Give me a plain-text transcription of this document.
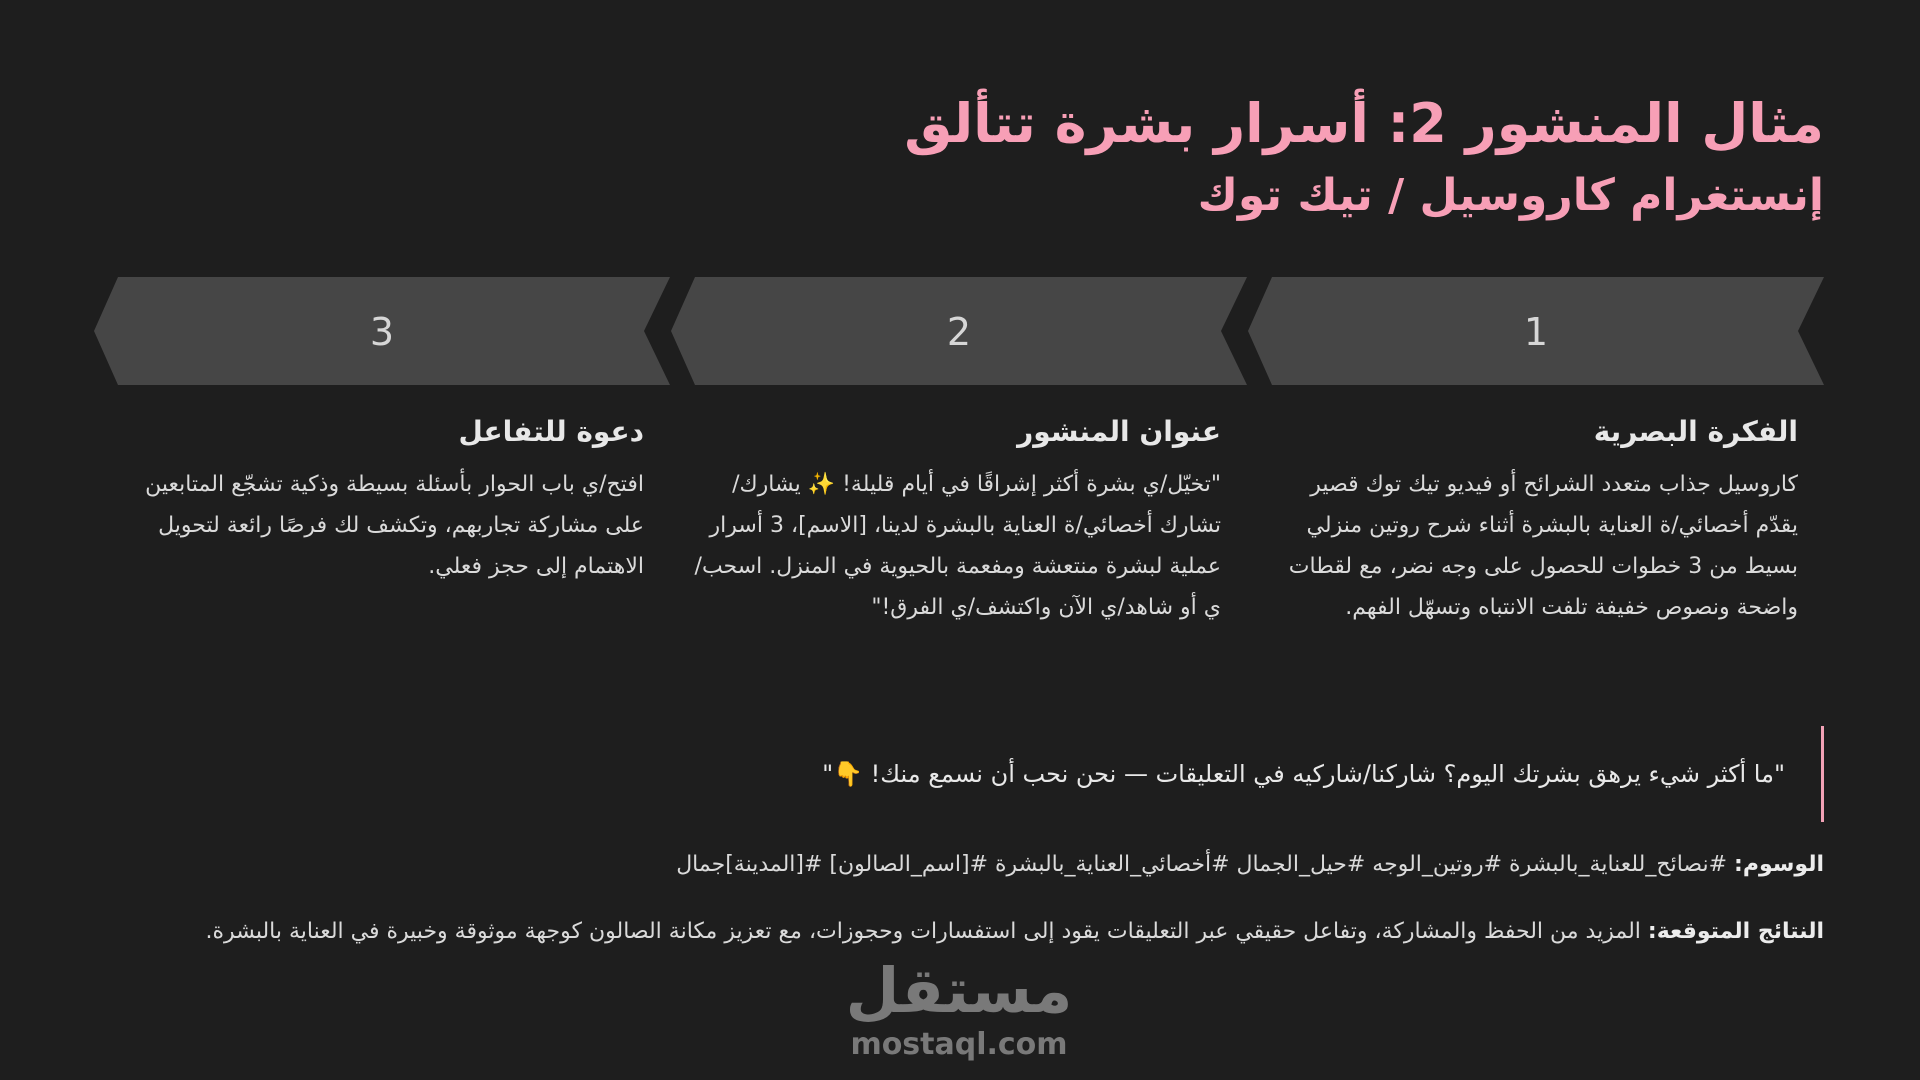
مثال المنشور 2: أسرار بشرة تتألق
إنستغرام كاروسيل / تيك توك
3	2	1
الفكرة البصرية
كاروسيل جذاب متعدد الشرائح أو فيديو تيك توك قصير يقدّم أخصائي/ة العناية بالبشرة أثناء شرح روتين منزلي بسيط من 3 خطوات للحصول على وجه نضر، مع لقطات واضحة ونصوص خفيفة تلفت الانتباه وتسهّل الفهم.
عنوان المنشور
"تخيّل/ي بشرة أكثر إشراقًا في أيام قليلة! ✨ يشارك/تشارك أخصائي/ة العناية بالبشرة لدينا، [الاسم]، 3 أسرار عملية لبشرة منتعشة ومفعمة بالحيوية في المنزل. اسحب/ي أو شاهد/ي الآن واكتشف/ي الفرق!"
دعوة للتفاعل
افتح/ي باب الحوار بأسئلة بسيطة وذكية تشجّع المتابعين على مشاركة تجاربهم، وتكشف لك فرصًا رائعة لتحويل الاهتمام إلى حجز فعلي.
"ما أكثر شيء يرهق بشرتك اليوم؟ شاركنا/شاركيه في التعليقات — نحن نحب أن نسمع منك! 👇"
الوسوم: #نصائح_للعناية_بالبشرة #روتين_الوجه #حيل_الجمال #أخصائي_العناية_بالبشرة #[اسم_الصالون] #[المدينة]جمال
النتائج المتوقعة: المزيد من الحفظ والمشاركة، وتفاعل حقيقي عبر التعليقات يقود إلى استفسارات وحجوزات، مع تعزيز مكانة الصالون كوجهة موثوقة وخبيرة في العناية بالبشرة.
مستقل
mostaql.com
